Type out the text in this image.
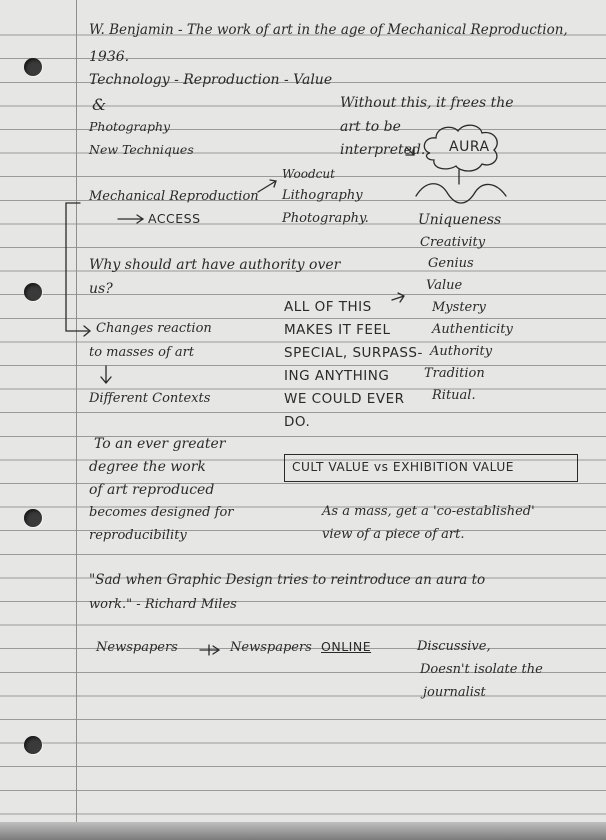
W. Benjamin - The work of art in the age of Mechanical Reproduction,
1936.
Technology - Reproduction - Value
&
Photography
New Techniques
Without this, it frees the
art to be
interpreted. AURA
Mechanical Reproduction
ACCESS
Woodcut
Lithography
Photography.	Uniqueness
Creativity
Genius
Value
Mystery
Authenticity
Authority
Tradition
Ritual.
Why should art have authority over
us?
ALL OF THIS
MAKES IT FEEL
SPECIAL, SURPASS-
ING ANYTHING
WE COULD EVER
DO.
Changes reaction
to masses of art
Different Contexts
To an ever greater
degree the work
of art reproduced
becomes designed for
reproducibility
CULT VALUE vs EXHIBITION VALUE
As a mass, get a 'co-established'
view of a piece of art.
"Sad when Graphic Design tries to reintroduce an aura to
work." - Richard Miles
Newspapers	Newspapers ONLINE	Discussive,
Doesn't isolate the
journalist
